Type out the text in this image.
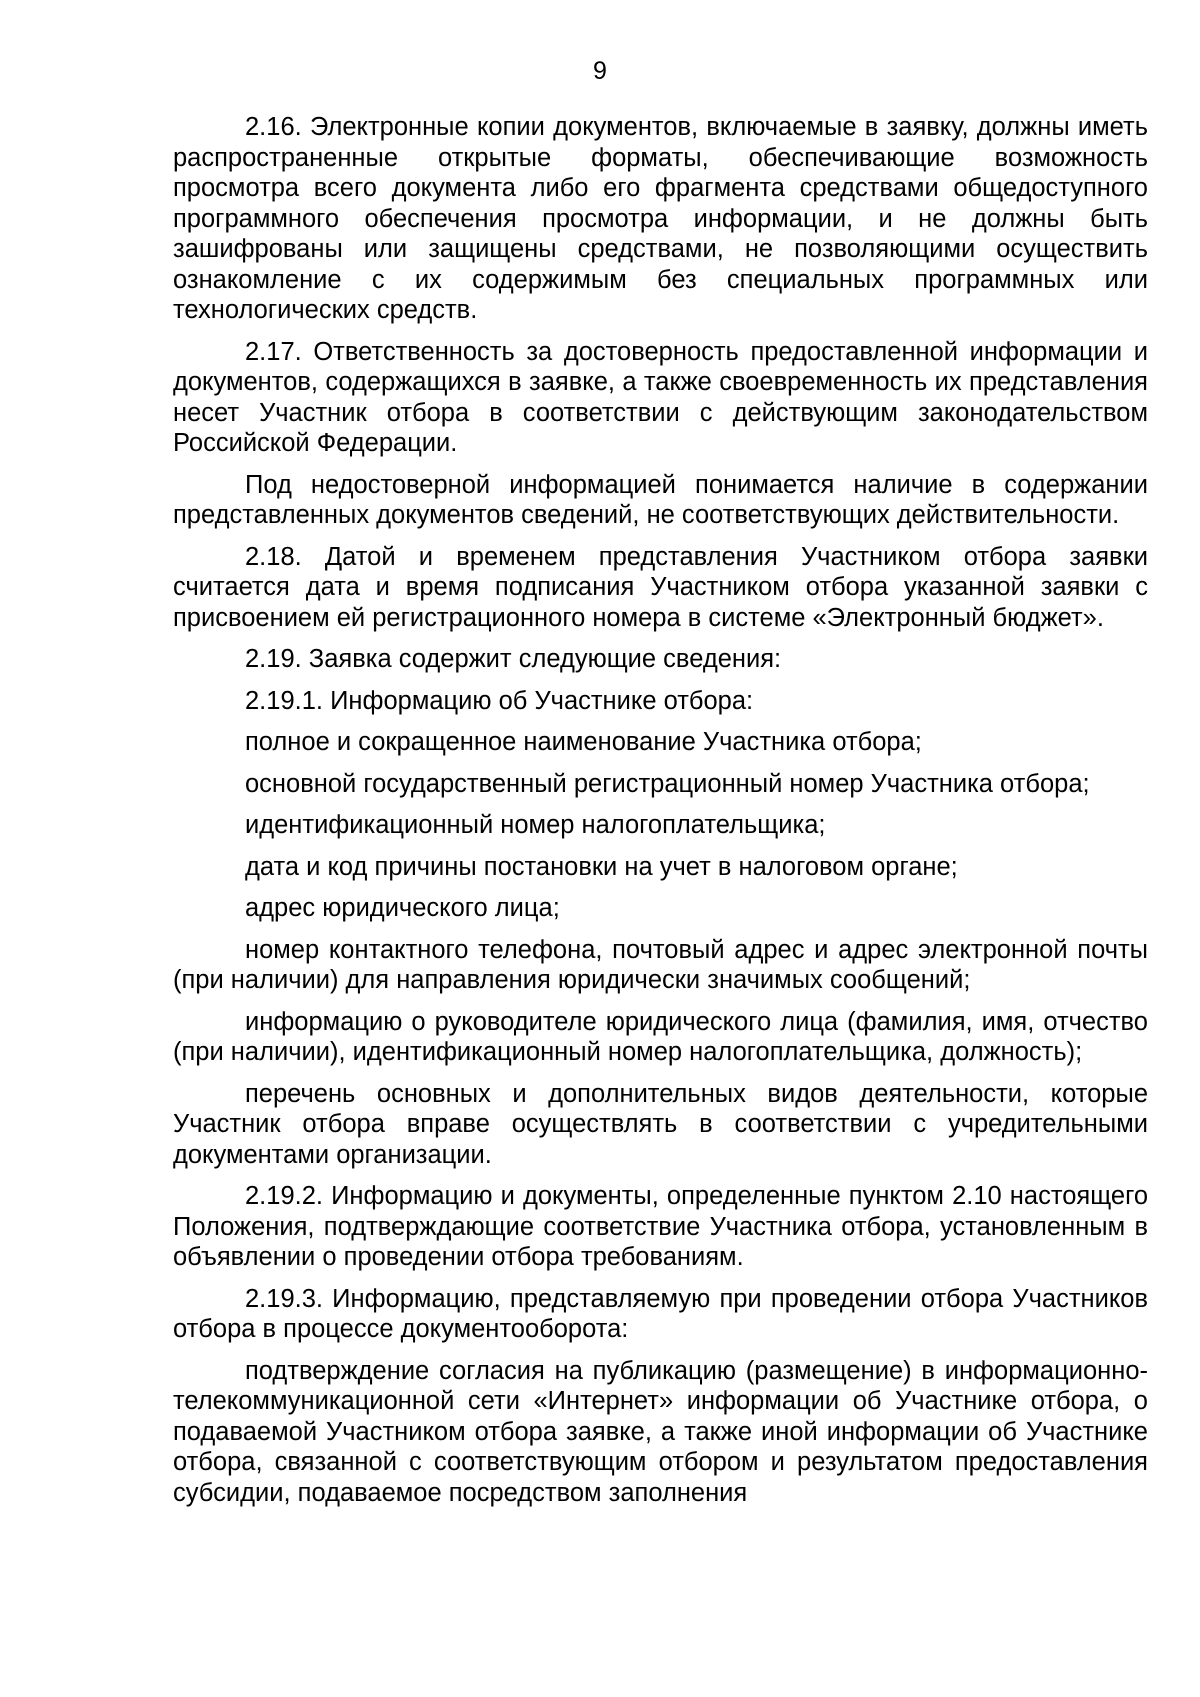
9

2.16. Электронные копии документов, включаемые в заявку, должны иметь распространенные открытые форматы, обеспечивающие возможность просмотра всего документа либо его фрагмента средствами общедоступного программного обеспечения просмотра информации, и не должны быть зашифрованы или защищены средствами, не позволяющими осуществить ознакомление с их содержимым без специальных программных или технологических средств.

2.17. Ответственность за достоверность предоставленной информации и документов, содержащихся в заявке, а также своевременность их представления несет Участник отбора в соответствии с действующим законодательством Российской Федерации.

Под недостоверной информацией понимается наличие в содержании представленных документов сведений, не соответствующих действительности.

2.18. Датой и временем представления Участником отбора заявки считается дата и время подписания Участником отбора указанной заявки с присвоением ей регистрационного номера в системе «Электронный бюджет».

2.19. Заявка содержит следующие сведения:

2.19.1. Информацию об Участнике отбора:

полное и сокращенное наименование Участника отбора;

основной государственный регистрационный номер Участника отбора;

идентификационный номер налогоплательщика;

дата и код причины постановки на учет в налоговом органе;

адрес юридического лица;

номер контактного телефона, почтовый адрес и адрес электронной почты (при наличии) для направления юридически значимых сообщений;

информацию о руководителе юридического лица (фамилия, имя, отчество (при наличии), идентификационный номер налогоплательщика, должность);

перечень основных и дополнительных видов деятельности, которые Участник отбора вправе осуществлять в соответствии с учредительными документами организации.

2.19.2. Информацию и документы, определенные пунктом 2.10 настоящего Положения, подтверждающие соответствие Участника отбора, установленным в объявлении о проведении отбора требованиям.

2.19.3. Информацию, представляемую при проведении отбора Участников отбора в процессе документооборота:

подтверждение согласия на публикацию (размещение) в информационно-телекоммуникационной сети «Интернет» информации об Участнике отбора, о подаваемой Участником отбора заявке, а также иной информации об Участнике отбора, связанной с соответствующим отбором и результатом предоставления субсидии, подаваемое посредством заполнения
